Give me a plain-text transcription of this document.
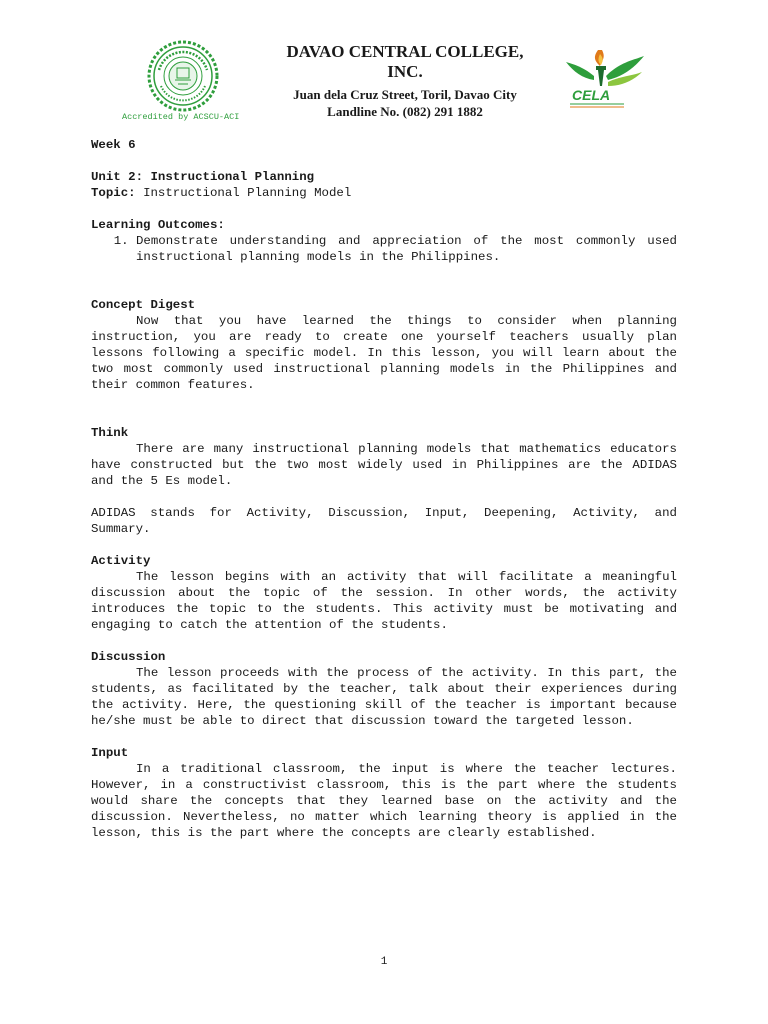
Accredited by ACSCU-ACI
DAVAO CENTRAL COLLEGE,
INC.
Juan dela Cruz Street, Toril, Davao City
Landline No. (082) 291 1882
CELA

Week 6

Unit 2: Instructional Planning

Topic: Instructional Planning Model

Learning Outcomes:

1. Demonstrate understanding and appreciation of the most commonly used instructional planning models in the Philippines.

Concept Digest

Now that you have learned the things to consider when planning instruction, you are ready to create one yourself teachers usually plan lessons following a specific model. In this lesson, you will learn about the two most commonly used instructional planning models in the Philippines and their common features.

Think

There are many instructional planning models that mathematics educators have constructed but the two most widely used in Philippines are the ADIDAS and the 5 Es model.

ADIDAS stands for Activity, Discussion, Input, Deepening, Activity, and Summary.

Activity

The lesson begins with an activity that will facilitate a meaningful discussion about the topic of the session. In other words, the activity introduces the topic to the students. This activity must be motivating and engaging to catch the attention of the students.

Discussion

The lesson proceeds with the process of the activity. In this part, the students, as facilitated by the teacher, talk about their experiences during the activity. Here, the questioning skill of the teacher is important because he/she must be able to direct that discussion toward the targeted lesson.

Input

In a traditional classroom, the input is where the teacher lectures. However, in a constructivist classroom, this is the part where the students would share the concepts that they learned base on the activity and the discussion. Nevertheless, no matter which learning theory is applied in the lesson, this is the part where the concepts are clearly established.

1
